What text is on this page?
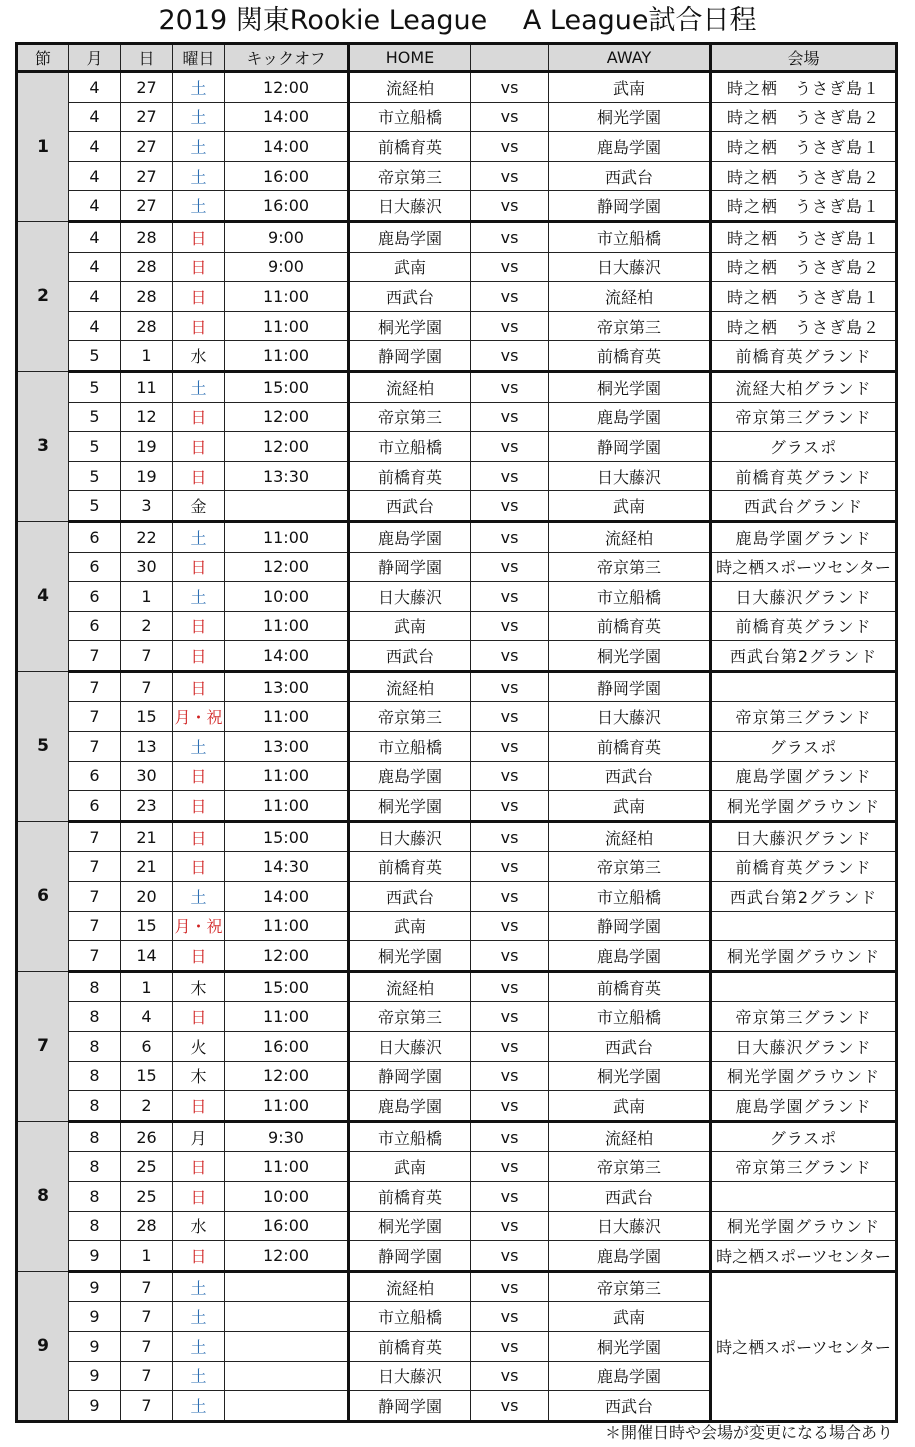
2019 関東Rookie League　 A League試合日程
節	月	日	曜日	キックオフ	HOME		AWAY	会場
1	4	27	土	12:00	流経柏	vs	武南	時之栖　うさぎ島１
	4	27	土	14:00	市立船橋	vs	桐光学園	時之栖　うさぎ島２
	4	27	土	14:00	前橋育英	vs	鹿島学園	時之栖　うさぎ島１
	4	27	土	16:00	帝京第三	vs	西武台	時之栖　うさぎ島２
	4	27	土	16:00	日大藤沢	vs	静岡学園	時之栖　うさぎ島１
2	4	28	日	9:00	鹿島学園	vs	市立船橋	時之栖　うさぎ島１
	4	28	日	9:00	武南	vs	日大藤沢	時之栖　うさぎ島２
	4	28	日	11:00	西武台	vs	流経柏	時之栖　うさぎ島１
	4	28	日	11:00	桐光学園	vs	帝京第三	時之栖　うさぎ島２
	5	1	水	11:00	静岡学園	vs	前橋育英	前橋育英グランド
3	5	11	土	15:00	流経柏	vs	桐光学園	流経大柏グランド
	5	12	日	12:00	帝京第三	vs	鹿島学園	帝京第三グランド
	5	19	日	12:00	市立船橋	vs	静岡学園	グラスポ
	5	19	日	13:30	前橋育英	vs	日大藤沢	前橋育英グランド
	5	3	金		西武台	vs	武南	西武台グランド
4	6	22	土	11:00	鹿島学園	vs	流経柏	鹿島学園グランド
	6	30	日	12:00	静岡学園	vs	帝京第三	時之栖スポーツセンター
	6	1	土	10:00	日大藤沢	vs	市立船橋	日大藤沢グランド
	6	2	日	11:00	武南	vs	前橋育英	前橋育英グランド
	7	7	日	14:00	西武台	vs	桐光学園	西武台第2グランド
5	7	7	日	13:00	流経柏	vs	静岡学園	
	7	15	月・祝	11:00	帝京第三	vs	日大藤沢	帝京第三グランド
	7	13	土	13:00	市立船橋	vs	前橋育英	グラスポ
	6	30	日	11:00	鹿島学園	vs	西武台	鹿島学園グランド
	6	23	日	11:00	桐光学園	vs	武南	桐光学園グラウンド
6	7	21	日	15:00	日大藤沢	vs	流経柏	日大藤沢グランド
	7	21	日	14:30	前橋育英	vs	帝京第三	前橋育英グランド
	7	20	土	14:00	西武台	vs	市立船橋	西武台第2グランド
	7	15	月・祝	11:00	武南	vs	静岡学園	
	7	14	日	12:00	桐光学園	vs	鹿島学園	桐光学園グラウンド
7	8	1	木	15:00	流経柏	vs	前橋育英	
	8	4	日	11:00	帝京第三	vs	市立船橋	帝京第三グランド
	8	6	火	16:00	日大藤沢	vs	西武台	日大藤沢グランド
	8	15	木	12:00	静岡学園	vs	桐光学園	桐光学園グラウンド
	8	2	日	11:00	鹿島学園	vs	武南	鹿島学園グランド
8	8	26	月	9:30	市立船橋	vs	流経柏	グラスポ
	8	25	日	11:00	武南	vs	帝京第三	帝京第三グランド
	8	25	日	10:00	前橋育英	vs	西武台	
	8	28	水	16:00	桐光学園	vs	日大藤沢	桐光学園グラウンド
	9	1	日	12:00	静岡学園	vs	鹿島学園	時之栖スポーツセンター
9	9	7	土		流経柏	vs	帝京第三	時之栖スポーツセンター
	9	7	土		市立船橋	vs	武南	
	9	7	土		前橋育英	vs	桐光学園	
	9	7	土		日大藤沢	vs	鹿島学園	
	9	7	土		静岡学園	vs	西武台	
＊開催日時や会場が変更になる場合あり
